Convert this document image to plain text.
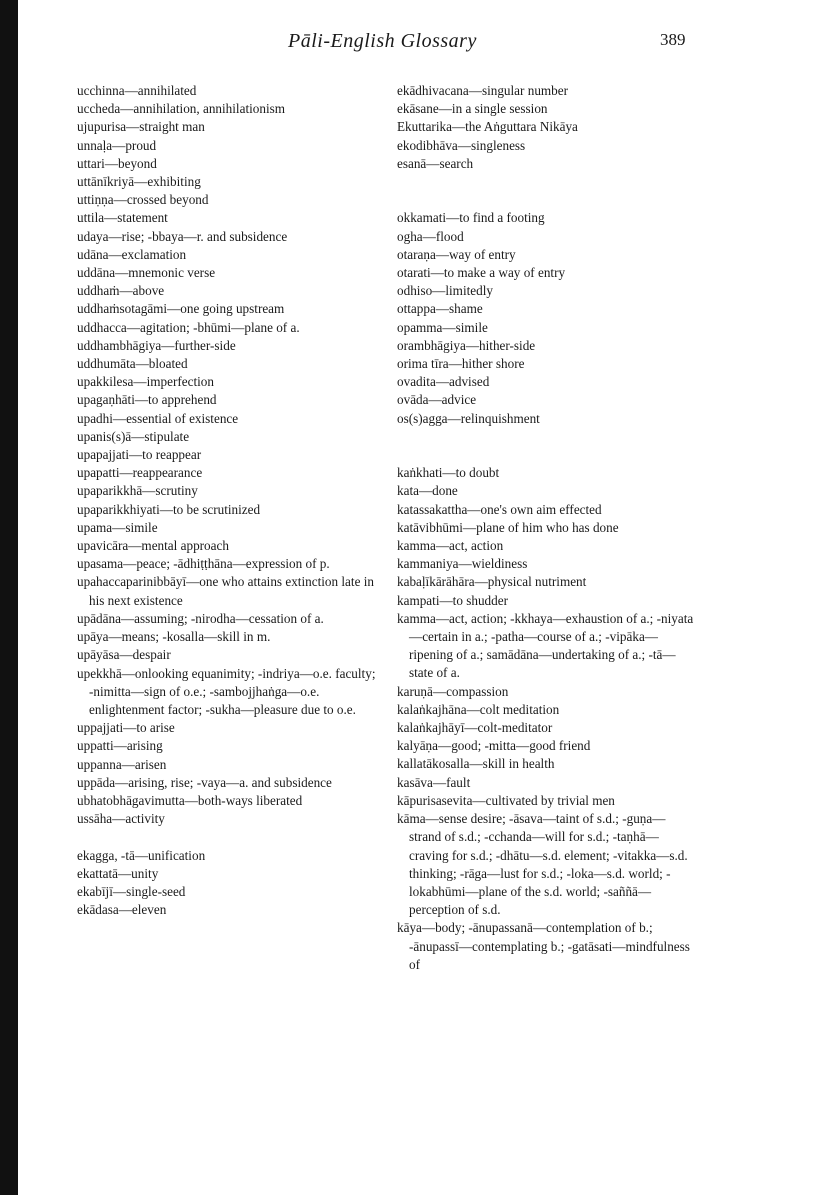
Pāli-English Glossary	389
ucchinna—annihilated
uccheda—annihilation, annihilationism
ujupurisa—straight man
unnaḷa—proud
uttari—beyond
uttānīkriyā—exhibiting
uttiṇṇa—crossed beyond
uttila—statement
udaya—rise; -bbaya—r. and subsidence
udāna—exclamation
uddāna—mnemonic verse
uddhaṁ—above
uddhaṁsotagāmi—one going upstream
uddhacca—agitation; -bhūmi—plane of a.
uddhambhāgiya—further-side
uddhumāta—bloated
upakkilesa—imperfection
upagaṇhāti—to apprehend
upadhi—essential of existence
upanis(s)ā—stipulate
upapajjati—to reappear
upapatti—reappearance
upaparikkhā—scrutiny
upaparikkhiyati—to be scrutinized
upama—simile
upavicāra—mental approach
upasama—peace; -ādhiṭṭhāna—expression of p.
upahaccaparinibbāyī—one who attains extinction late in his next existence
upādāna—assuming; -nirodha—cessation of a.
upāya—means; -kosalla—skill in m.
upāyāsa—despair
upekkhā—onlooking equanimity; -indriya—o.e. faculty; -nimitta—sign of o.e.; -sambojjhaṅga—o.e. enlightenment factor; -sukha—pleasure due to o.e.
uppajjati—to arise
uppatti—arising
uppanna—arisen
uppāda—arising, rise; -vaya—a. and subsidence
ubhatobhāgavimutta—both-ways liberated
ussāha—activity
ekagga, -tā—unification
ekattatā—unity
ekabījī—single-seed
ekādasa—eleven
ekādhivacana—singular number
ekāsane—in a single session
Ekuttarika—the Aṅguttara Nikāya
ekodibhāva—singleness
esanā—search
okkamati—to find a footing
ogha—flood
otaraṇa—way of entry
otarati—to make a way of entry
odhiso—limitedly
ottappa—shame
opamma—simile
orambhāgiya—hither-side
orima tīra—hither shore
ovadita—advised
ovāda—advice
os(s)agga—relinquishment
kaṅkhati—to doubt
kata—done
katassakattha—one's own aim effected
katāvibhūmi—plane of him who has done
kamma—act, action
kammaniya—wieldiness
kabaḷīkārāhāra—physical nutriment
kampati—to shudder
kamma—act, action; -kkhaya—exhaustion of a.; -niyata—certain in a.; -patha—course of a.; -vipāka—ripening of a.; samādāna—undertaking of a.; -tā—state of a.
karuṇā—compassion
kalaṅkajhāna—colt meditation
kalaṅkajhāyī—colt-meditator
kalyāṇa—good; -mitta—good friend
kallatākosalla—skill in health
kasāva—fault
kāpurisasevita—cultivated by trivial men
kāma—sense desire; -āsava—taint of s.d.; -guṇa—strand of s.d.; -cchanda—will for s.d.; -taṇhā—craving for s.d.; -dhātu—s.d. element; -vitakka—s.d. thinking; -rāga—lust for s.d.; -loka—s.d. world; -lokabhūmi—plane of the s.d. world; -saññā—perception of s.d.
kāya—body; -ānupassanā—contemplation of b.; -ānupassī—contemplating b.; -gatāsati—mindfulness of
